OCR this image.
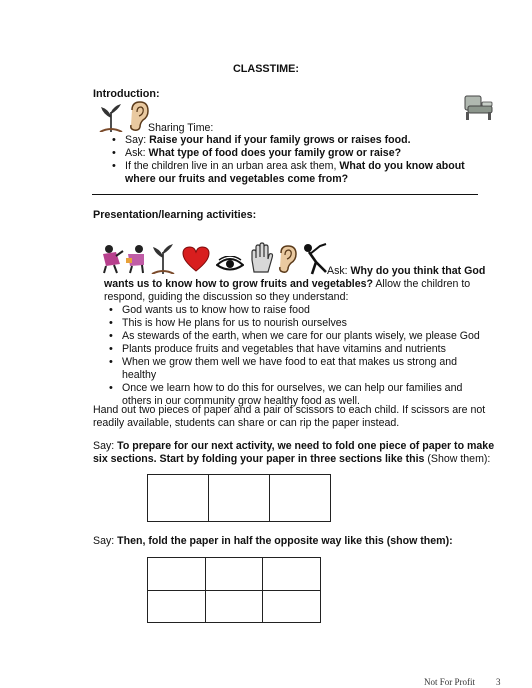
CLASSTIME:
Introduction:
Sharing Time:
• Say: Raise your hand if your family grows or raises food.
• Ask: What type of food does your family grow or raise?
• If the children live in an urban area ask them, What do you know about where our fruits and vegetables come from?
Presentation/learning activities:
Ask: Why do you think that God
wants us to know how to grow fruits and vegetables? Allow the children to
respond, guiding the discussion so they understand:
• God wants us to know how to raise food
• This is how He plans for us to nourish ourselves
• As stewards of the earth, when we care for our plants wisely, we please God
• Plants produce fruits and vegetables that have vitamins and nutrients
• When we grow them well we have food to eat that makes us strong and healthy
• Once we learn how to do this for ourselves, we can help our families and others in our community grow healthy food as well.
Hand out two pieces of paper and a pair of scissors to each child. If scissors are not
readily available, students can share or can rip the paper instead.
Say: To prepare for our next activity, we need to fold one piece of paper to make
six sections. Start by folding your paper in three sections like this (Show them):

Say: Then, fold the paper in half the opposite way like this (show them):

Not For Profit 3
